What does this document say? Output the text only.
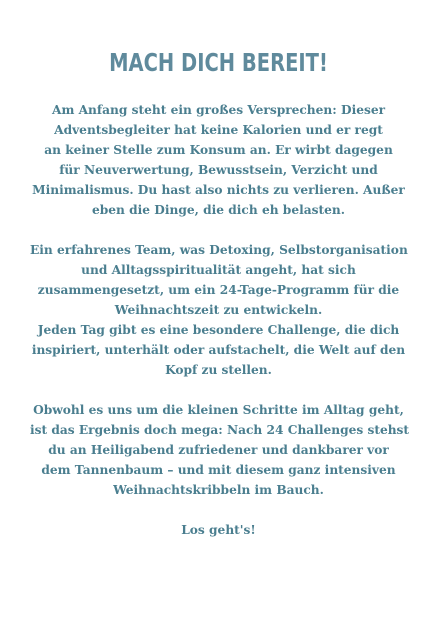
MACH DICH BEREIT!

Am Anfang steht ein großes Versprechen: Dieser
Adventsbegleiter hat keine Kalorien und er regt
an keiner Stelle zum Konsum an. Er wirbt dagegen
für Neuverwertung, Bewusstsein, Verzicht und
Minimalismus. Du hast also nichts zu verlieren. Außer
eben die Dinge, die dich eh belasten.

Ein erfahrenes Team, was Detoxing, Selbstorganisation
und Alltagsspiritualität angeht, hat sich
zusammengesetzt, um ein 24-Tage-Programm für die
Weihnachtszeit zu entwickeln.
Jeden Tag gibt es eine besondere Challenge, die dich
inspiriert, unterhält oder aufstachelt, die Welt auf den
Kopf zu stellen.

Obwohl es uns um die kleinen Schritte im Alltag geht,
ist das Ergebnis doch mega: Nach 24 Challenges stehst
du an Heiligabend zufriedener und dankbarer vor
dem Tannenbaum – und mit diesem ganz intensiven
Weihnachtskribbeln im Bauch.

Los geht's!
